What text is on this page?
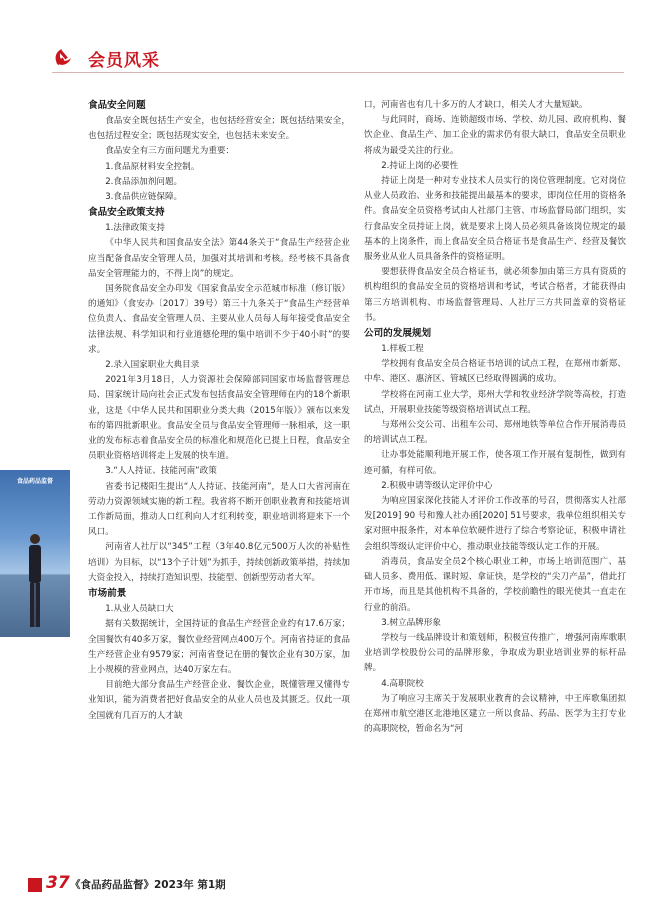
会员风采
食品药品监督

食品安全问题

食品安全既包括生产安全，也包括经营安全；既包括结果安全，也包括过程安全；既包括现实安全，也包括未来安全。

食品安全有三方面问题尤为重要：

1.食品原材料安全控制。

2.食品添加剂问题。

3.食品供应链保障。

食品安全政策支持

1.法律政策支持

《中华人民共和国食品安全法》第44条关于“食品生产经营企业应当配备食品安全管理人员，加强对其培训和考核。经考核不具备食品安全管理能力的，不得上岗”的规定。

国务院食品安全办印发《国家食品安全示范城市标准（修订版）的通知》（食安办〔2017〕39号）第三十九条关于“食品生产经营单位负责人、食品安全管理人员、主要从业人员每人每年接受食品安全法律法规、科学知识和行业道德伦理的集中培训不少于40小时”的要求。

2.录入国家职业大典目录

2021年3月18日，人力资源社会保障部同国家市场监督管理总局、国家统计局向社会正式发布包括食品安全管理师在内的18个新职业，这是《中华人民共和国职业分类大典（2015年版）》颁布以来发布的第四批新职业。食品安全员与食品安全管理师一脉相承，这一职业的发布标志着食品安全员的标准化和规范化已提上日程，食品安全员职业资格培训将走上发展的快车道。

3.“人人持证、技能河南”政策

省委书记楼阳生提出“人人持证、技能河南”，是人口大省河南在劳动力资源领域实施的新工程。我省将不断开创职业教育和技能培训工作新局面，推动人口红利向人才红利转变，职业培训将迎来下一个风口。

河南省人社厅以“345”工程（3年40.8亿元500万人次的补贴性培训）为目标，以“13个子计划”为抓手，持续创新政策举措，持续加大资金投入，持续打造知识型、技能型、创新型劳动者大军。

市场前景

1.从业人员缺口大

据有关数据统计，全国持证的食品生产经营企业约有17.6万家；全国餐饮有40多万家，餐饮业经营网点400万个。河南省持证的食品生产经营企业有9579家；河南省登记在册的餐饮企业有30万家，加上小规模的营业网点，达40万家左右。

目前绝大部分食品生产经营企业、餐饮企业，既懂管理又懂得专业知识，能为消费者把好食品安全的从业人员也及其匮乏。仅此一项全国就有几百万的人才缺

口，河南省也有几十多万的人才缺口，相关人才大量短缺。

与此同时，商场、连锁超级市场、学校、幼儿园、政府机构、餐饮企业、食品生产、加工企业的需求仍有很大缺口，食品安全员职业将成为最受关注的行业。

2.持证上岗的必要性

持证上岗是一种对专业技术人员实行的岗位管理制度。它对岗位从业人员政治、业务和技能提出最基本的要求，即岗位任用的资格条件。食品安全员资格考试由人社部门主管、市场监督局部门组织，实行食品安全员持证上岗，就是要求上岗人员必须具备该岗位规定的最基本的上岗条件，而上食品安全员合格证书是食品生产、经营及餐饮服务业从业人员具备条件的资格证明。

要想获得食品安全员合格证书，就必须参加由第三方具有资质的机构组织的食品安全员的资格培训和考试，考试合格者，才能获得由第三方培训机构、市场监督管理局、人社厅三方共同盖章的资格证书。

公司的发展规划

1.样板工程

学校拥有食品安全员合格证书培训的试点工程，在郑州市新郑、中牟、港区、惠济区、管城区已经取得圆满的成功。

学校将在河南工业大学，郑州大学和牧业经济学院等高校，打造试点，开展职业技能等级资格培训试点工程。

与郑州公交公司、出租车公司、郑州地铁等单位合作开展消毒员的培训试点工程。

让办事处能顺利地开展工作，使各项工作开展有复制性，做到有迹可循，有样可依。

2.积极申请等级认定评价中心

为响应国家深化技能人才评价工作改革的号召，贯彻落实人社部发[2019] 90 号和豫人社办函[2020] 51号要求，我单位组织相关专家对照申报条件，对本单位软硬件进行了综合考察论证，积极申请社会组织等级认定评价中心，推动职业技能等级认定工作的开展。

消毒员，食品安全员2个核心职业工种，市场上培训范围广、基础人员多、费用低、课时短、拿证快，是学校的“尖刀产品”，借此打开市场，而且是其他机构不具备的，学校前瞻性的眼光使其一直走在行业的前沿。

3.树立品牌形象

学校与一线品牌设计和策划师，积极宣传推广，增强河南库歌职业培训学校股份公司的品牌形象，争取成为职业培训业界的标杆品牌。

4.高职院校

为了响应习主席关于发展职业教育的会议精神，中王库歌集团拟在郑州市航空港区北港地区建立一所以食品、药品、医学为主打专业的高职院校，暂命名为“河

37 《食品药品监督》2023年 第1期
